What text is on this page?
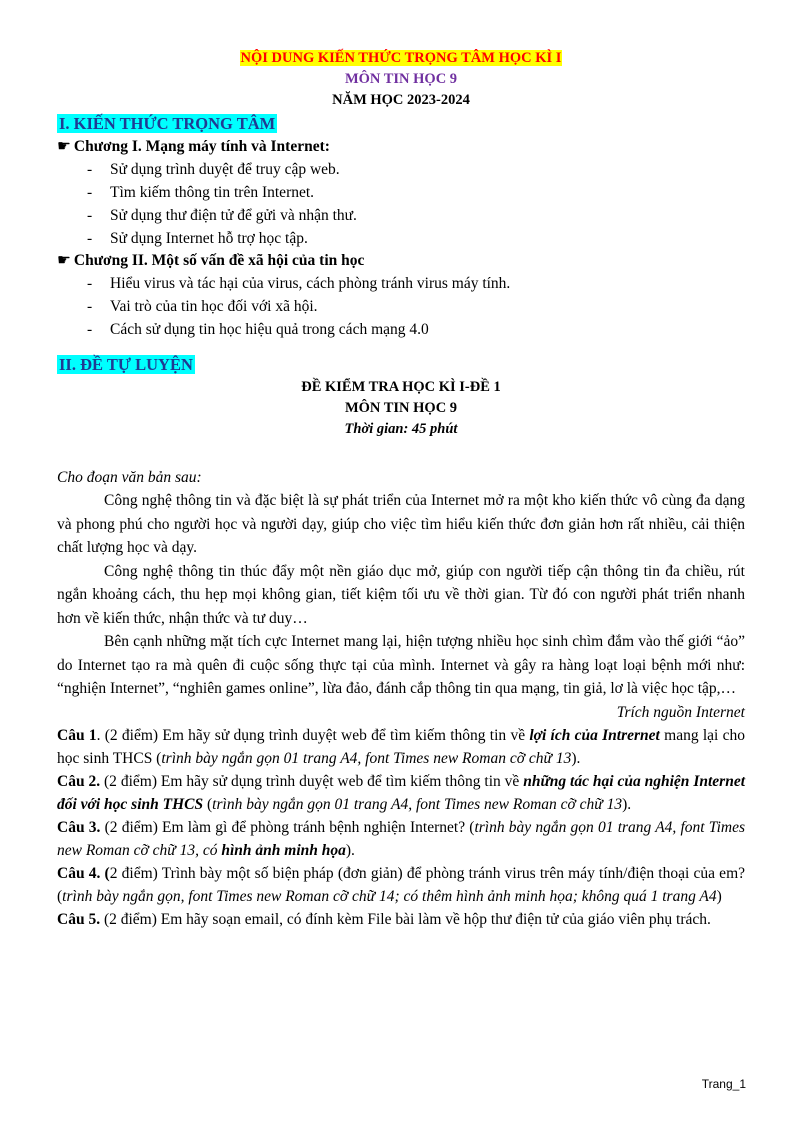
NỘI DUNG KIẾN THỨC TRỌNG TÂM HỌC KÌ I
MÔN TIN HỌC 9
NĂM HỌC 2023-2024
I. KIẾN THỨC TRỌNG TÂM
☛ Chương I. Mạng máy tính và Internet:
- Sử dụng trình duyệt để truy cập web.
- Tìm kiếm thông tin trên Internet.
- Sử dụng thư điện tử để gửi và nhận thư.
- Sử dụng Internet hỗ trợ học tập.
☛ Chương II. Một số vấn đề xã hội của tin học
- Hiểu virus và tác hại của virus, cách phòng tránh virus máy tính.
- Vai trò của tin học đối với xã hội.
- Cách sử dụng tin học hiệu quả trong cách mạng 4.0
II. ĐỀ TỰ LUYỆN
ĐỀ KIỂM TRA HỌC KÌ I-ĐỀ 1
MÔN TIN HỌC 9
Thời gian: 45 phút
Cho đoạn văn bản sau:

Công nghệ thông tin và đặc biệt là sự phát triển của Internet mở ra một kho kiến thức vô cùng đa dạng và phong phú cho người học và người dạy, giúp cho việc tìm hiểu kiến thức đơn giản hơn rất nhiều, cải thiện chất lượng học và dạy.

Công nghệ thông tin thúc đẩy một nền giáo dục mở, giúp con người tiếp cận thông tin đa chiều, rút ngắn khoảng cách, thu hẹp mọi không gian, tiết kiệm tối ưu về thời gian. Từ đó con người phát triển nhanh hơn về kiến thức, nhận thức và tư duy…

Bên cạnh những mặt tích cực Internet mang lại, hiện tượng nhiều học sinh chìm đắm vào thế giới “ảo” do Internet tạo ra mà quên đi cuộc sống thực tại của mình. Internet và gây ra hàng loạt loại bệnh mới như: “nghiện Internet”, “nghiên games online”, lừa đảo, đánh cắp thông tin qua mạng, tin giả, lơ là việc học tập,…

Trích nguồn Internet

Câu 1. (2 điểm) Em hãy sử dụng trình duyệt web để tìm kiếm thông tin về lợi ích của Intrernet mang lại cho học sinh THCS (trình bày ngắn gọn 01 trang A4, font Times new Roman cỡ chữ 13).

Câu 2. (2 điểm) Em hãy sử dụng trình duyệt web để tìm kiếm thông tin về những tác hại của nghiện Internet đối với học sinh THCS (trình bày ngắn gọn 01 trang A4, font Times new Roman cỡ chữ 13).

Câu 3. (2 điểm) Em làm gì để phòng tránh bệnh nghiện Internet? (trình bày ngắn gọn 01 trang A4, font Times new Roman cỡ chữ 13, có hình ảnh minh họa).

Câu 4. (2 điểm) Trình bày một số biện pháp (đơn giản) để phòng tránh virus trên máy tính/điện thoại của em? (trình bày ngắn gọn, font Times new Roman cỡ chữ 14; có thêm hình ảnh minh họa; không quá 1 trang A4)

Câu 5. (2 điểm) Em hãy soạn email, có đính kèm File bài làm về hộp thư điện tử của giáo viên phụ trách.

Trang_1
